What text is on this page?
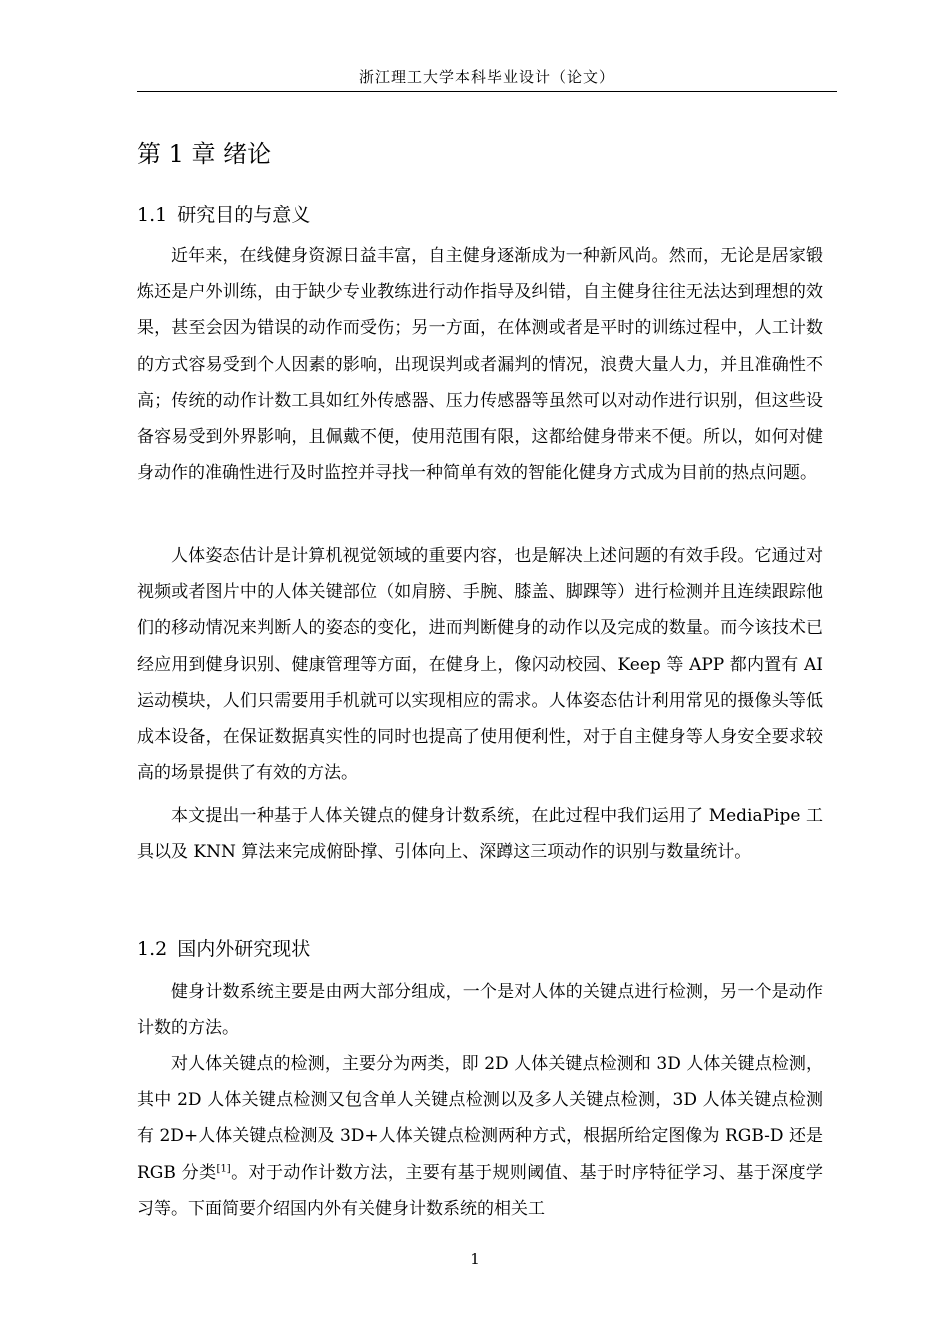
浙江理工大学本科毕业设计（论文）
第 1 章 绪论
1.1 研究目的与意义

近年来，在线健身资源日益丰富，自主健身逐渐成为一种新风尚。然而，无论是居家锻炼还是户外训练，由于缺少专业教练进行动作指导及纠错，自主健身往往无法达到理想的效果，甚至会因为错误的动作而受伤；另一方面，在体测或者是平时的训练过程中，人工计数的方式容易受到个人因素的影响，出现误判或者漏判的情况，浪费大量人力，并且准确性不高；传统的动作计数工具如红外传感器、压力传感器等虽然可以对动作进行识别，但这些设备容易受到外界影响，且佩戴不便，使用范围有限，这都给健身带来不便。所以，如何对健身动作的准确性进行及时监控并寻找一种简单有效的智能化健身方式成为目前的热点问题。

人体姿态估计是计算机视觉领域的重要内容，也是解决上述问题的有效手段。它通过对视频或者图片中的人体关键部位（如肩膀、手腕、膝盖、脚踝等）进行检测并且连续跟踪他们的移动情况来判断人的姿态的变化，进而判断健身的动作以及完成的数量。而今该技术已经应用到健身识别、健康管理等方面，在健身上，像闪动校园、Keep 等 APP 都内置有 AI 运动模块，人们只需要用手机就可以实现相应的需求。人体姿态估计利用常见的摄像头等低成本设备，在保证数据真实性的同时也提高了使用便利性，对于自主健身等人身安全要求较高的场景提供了有效的方法。

本文提出一种基于人体关键点的健身计数系统，在此过程中我们运用了 MediaPipe 工具以及 KNN 算法来完成俯卧撑、引体向上、深蹲这三项动作的识别与数量统计。

1.2 国内外研究现状

健身计数系统主要是由两大部分组成，一个是对人体的关键点进行检测，另一个是动作计数的方法。

对人体关键点的检测，主要分为两类，即 2D 人体关键点检测和 3D 人体关键点检测，其中 2D 人体关键点检测又包含单人关键点检测以及多人关键点检测，3D 人体关键点检测有 2D+人体关键点检测及 3D+人体关键点检测两种方式，根据所给定图像为 RGB-D 还是 RGB 分类[1]。对于动作计数方法，主要有基于规则阈值、基于时序特征学习、基于深度学习等。下面简要介绍国内外有关健身计数系统的相关工

1
